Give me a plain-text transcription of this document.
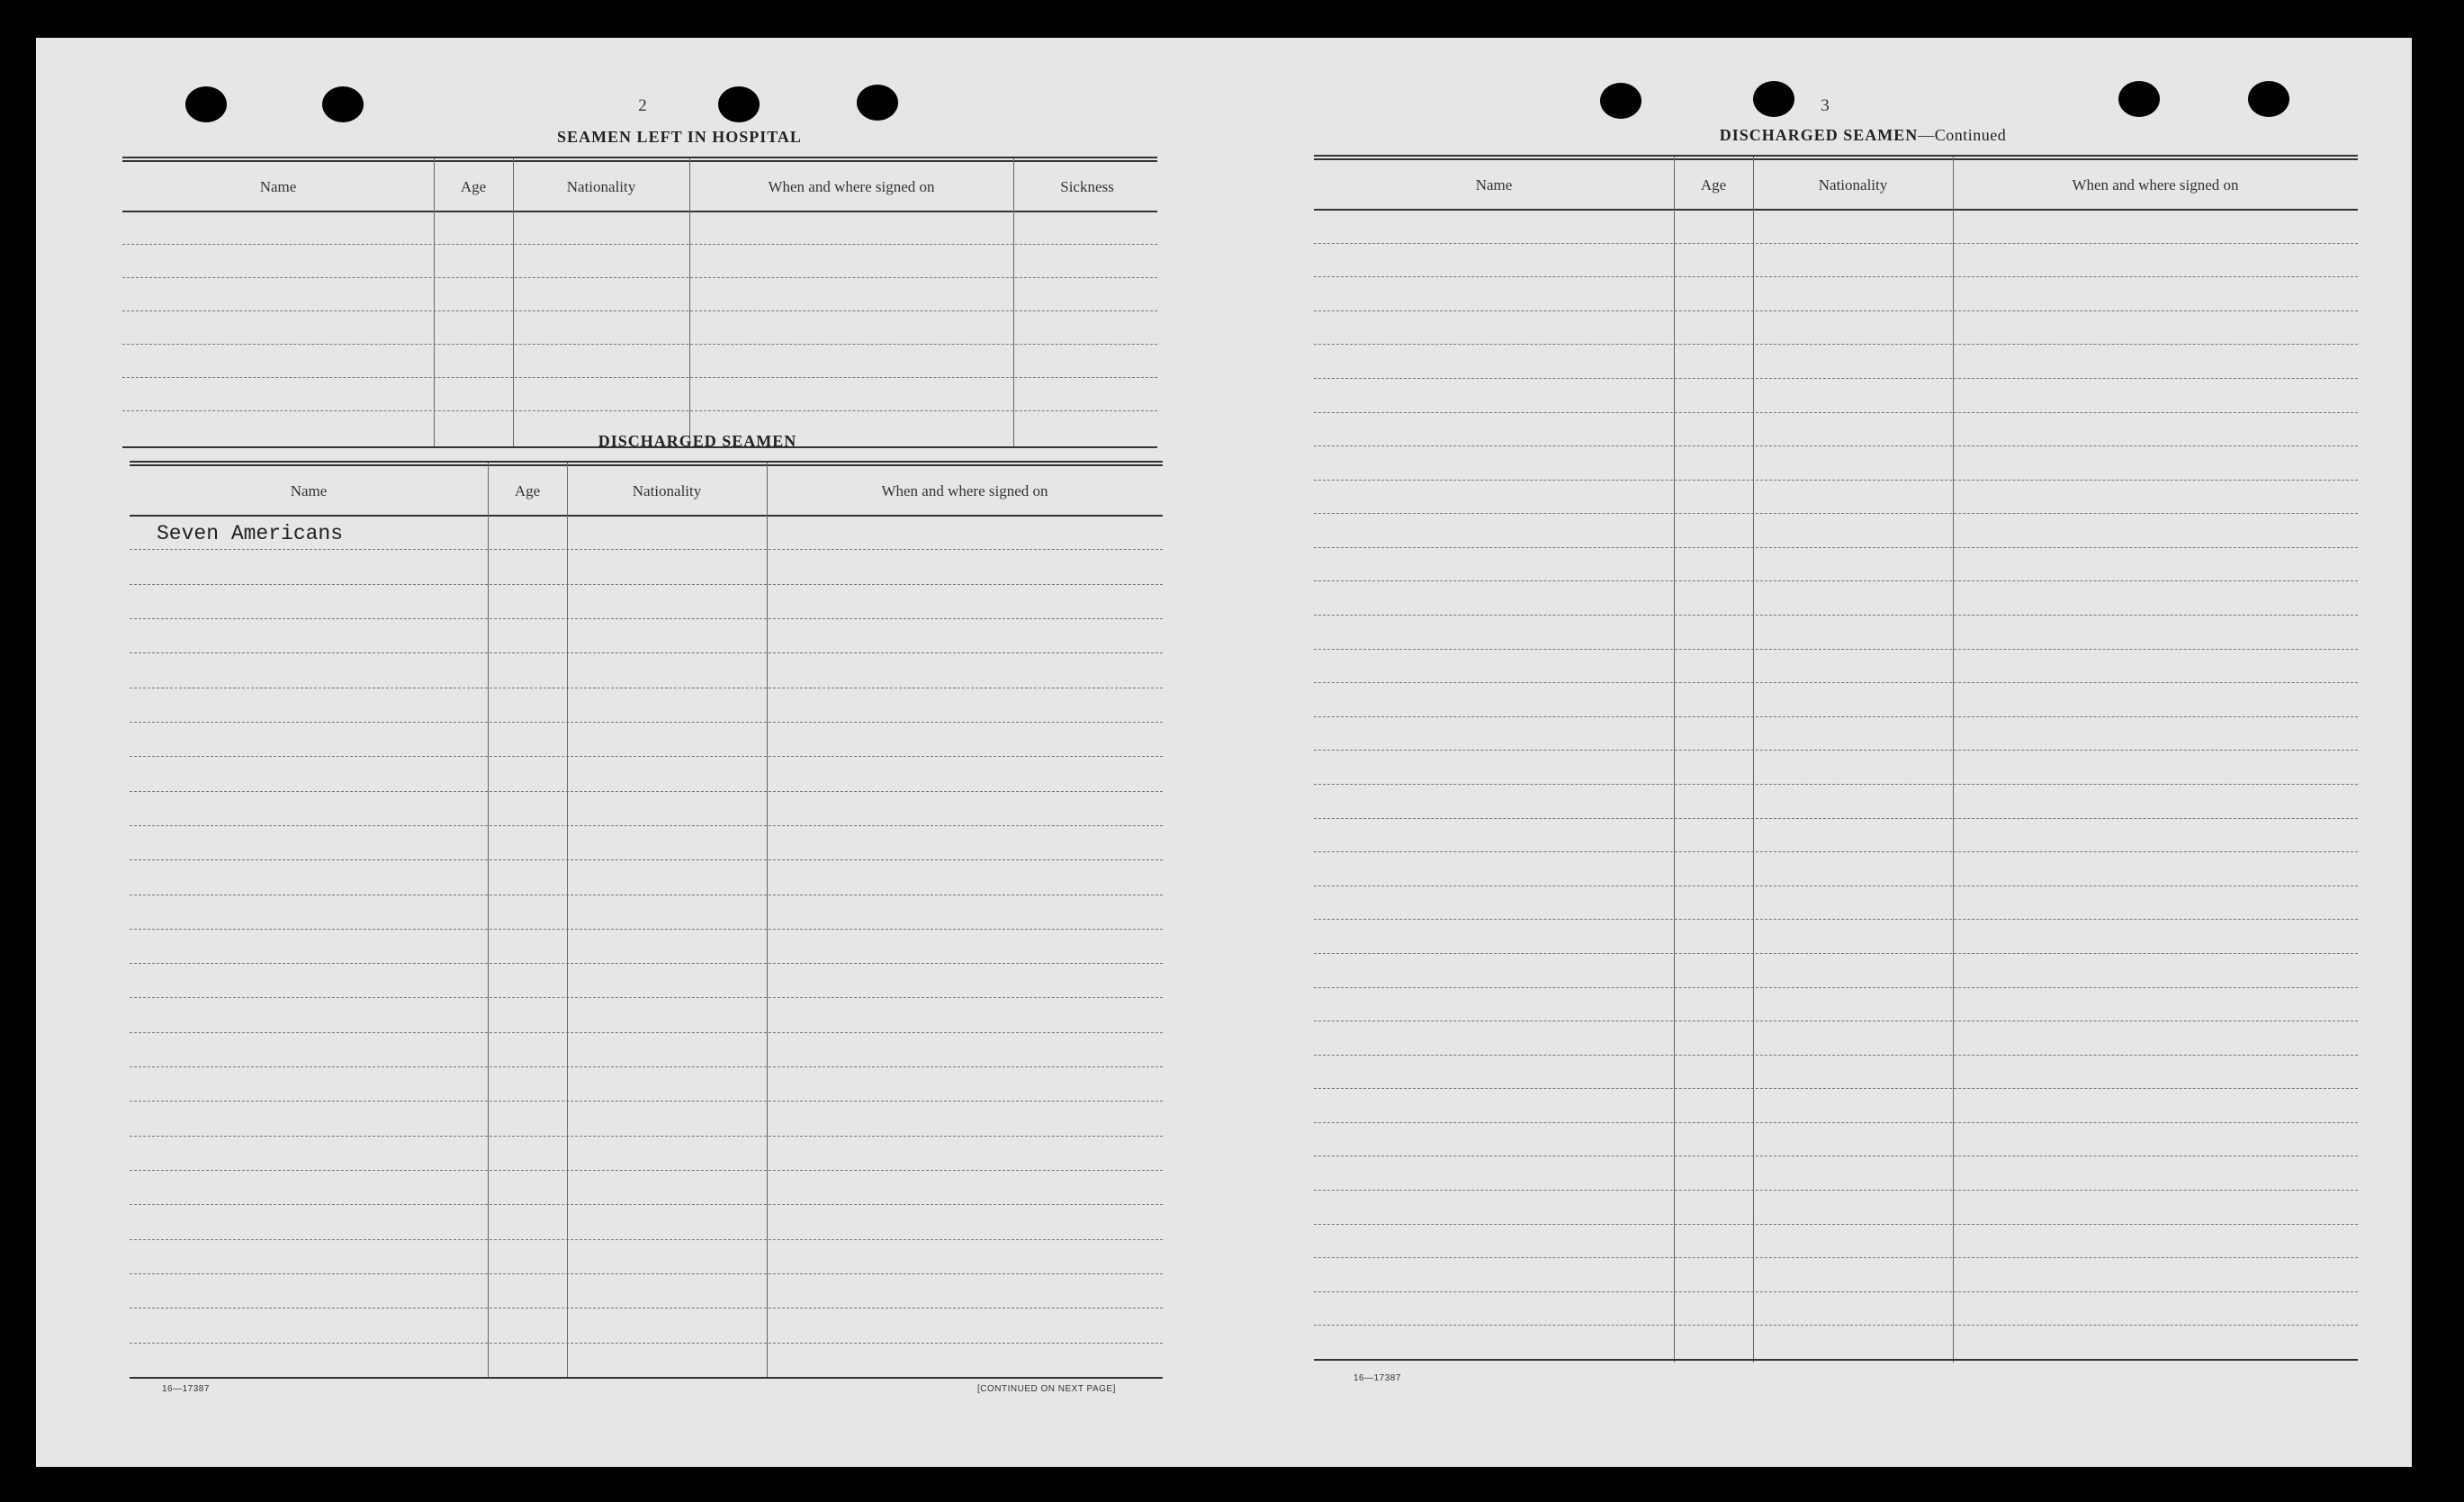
2
SEAMEN LEFT IN HOSPITAL
Name	Age	Nationality	When and where signed on	Sickness
DISCHARGED SEAMEN
Name	Age	Nationality	When and where signed on
Seven Americans
16—17387	[CONTINUED ON NEXT PAGE]
3
DISCHARGED SEAMEN—Continued
Name	Age	Nationality	When and where signed on
16—17387
